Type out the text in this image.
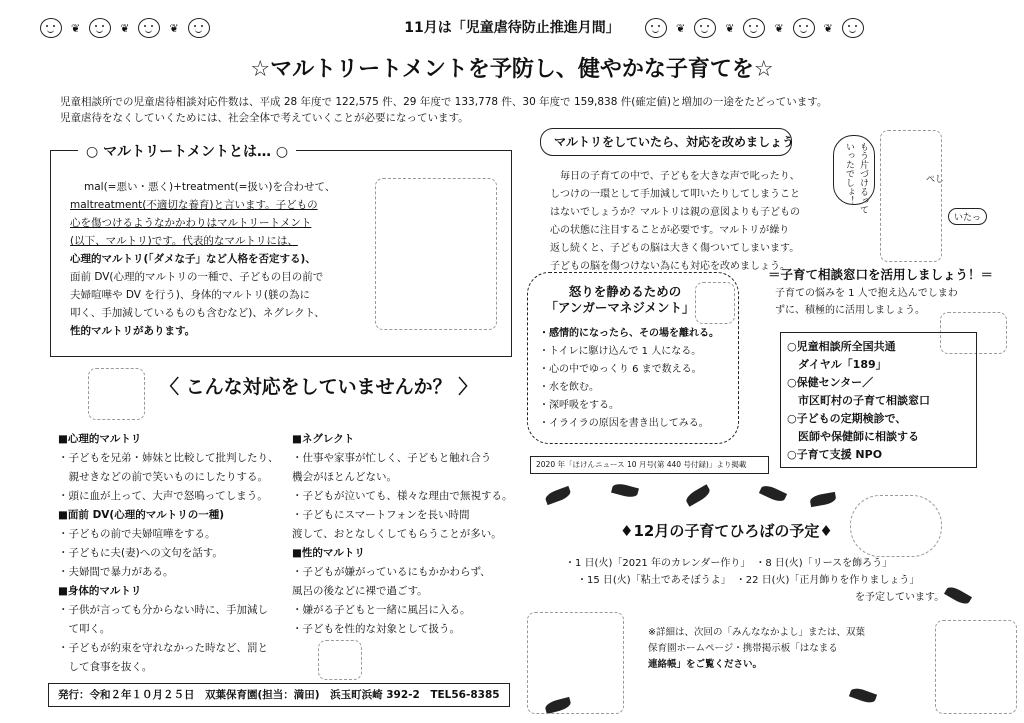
❦	❦	❦	❦	❦	❦	❦
11月は「児童虐待防止推進月間」
☆マルトリートメントを予防し、健やかな子育てを☆
児童相談所での児童虐待相談対応件数は、平成 28 年度で 122,575 件、29 年度で 133,778 件、30 年度で 159,838 件(確定値)と増加の一途をたどっています。
児童虐待をなくしていくためには、社会全体で考えていくことが必要になっています。
○ マルトリートメントとは… ○
mal(=悪い・悪く)+treatment(=扱い)を合わせて、
maltreatment(不適切な養育)と言います。子どもの
心を傷つけるようなかかわりはマルトリートメント
(以下、マルトリ)です。代表的なマルトリには、
心理的マルトリ(「ダメな子」など人格を否定する)、
面前 DV(心理的マルトリの一種で、子どもの目の前で
夫婦喧嘩や DV を行う)、身体的マルトリ(躾の為に
叩く、手加減しているものも含むなど)、ネグレクト、
性的マルトリがあります。
〈 こんな対応をしていませんか？ 〉
■心理的マルトリ
・子どもを兄弟・姉妹と比較して批判したり、
　親せきなどの前で笑いものにしたりする。
・頭に血が上って、大声で怒鳴ってしまう。
■面前 DV(心理的マルトリの一種)
・子どもの前で夫婦喧嘩をする。
・子どもに夫(妻)への文句を話す。
・夫婦間で暴力がある。
■身体的マルトリ
・子供が言っても分からない時に、手加減し
　て叩く。
・子どもが約束を守れなかった時など、罰と
　して食事を抜く。
■ネグレクト
・仕事や家事が忙しく、子どもと触れ合う
機会がほとんどない。
・子どもが泣いても、様々な理由で無視する。
・子どもにスマートフォンを長い時間
渡して、おとなしくしてもらうことが多い。
■性的マルトリ
・子どもが嫌がっているにもかかわらず、
風呂の後などに裸で過ごす。
・嫌がる子どもと一緒に風呂に入る。
・子どもを性的な対象として扱う。
発行：令和２年１０月２５日　双葉保育園(担当：満田)　浜玉町浜崎 392-2　TEL56-8385
マルトリをしていたら、対応を改めましょう
毎日の子育ての中で、子どもを大きな声で叱ったり、
しつけの一環として手加減して叩いたりしてしまうこと
はないでしょうか？マルトリは親の意図よりも子どもの
心の状態に注目することが必要です。マルトリが繰り
返し続くと、子どもの脳は大きく傷ついてしまいます。
子どもの脳を傷つけない為にも対応を改めましょう。
もう片づけるって
いったでしょ！	ぺし
いたっ
怒りを静めるための
「アンガーマネジメント」
・感情的になったら、その場を離れる。
・トイレに駆け込んで 1 人になる。
・心の中でゆっくり 6 まで数える。
・水を飲む。
・深呼吸をする。
・イライラの原因を書き出してみる。
2020 年「ほけんニュース 10 月号(第 440 号付録)」より掲載
＝子育て相談窓口を活用しましょう！＝
子育ての悩みを 1 人で抱え込んでしまわ
ずに、積極的に活用しましょう。
○児童相談所全国共通
　ダイヤル「189」
○保健センター／
　市区町村の子育て相談窓口
○子どもの定期検診で、
　医師や保健師に相談する
○子育て支援 NPO
♦12月の子育てひろばの予定♦
・1 日(火)「2021 年のカレンダー作り」　・8 日(火)「リースを飾ろう」
・15 日(火)「粘土であそぼうよ」　・22 日(火)「正月飾りを作りましょう」
を予定しています。
※詳細は、次回の「みんななかよし」または、双葉
保育園ホームページ・携帯掲示板「はなまる
連絡帳」をご覧ください。
